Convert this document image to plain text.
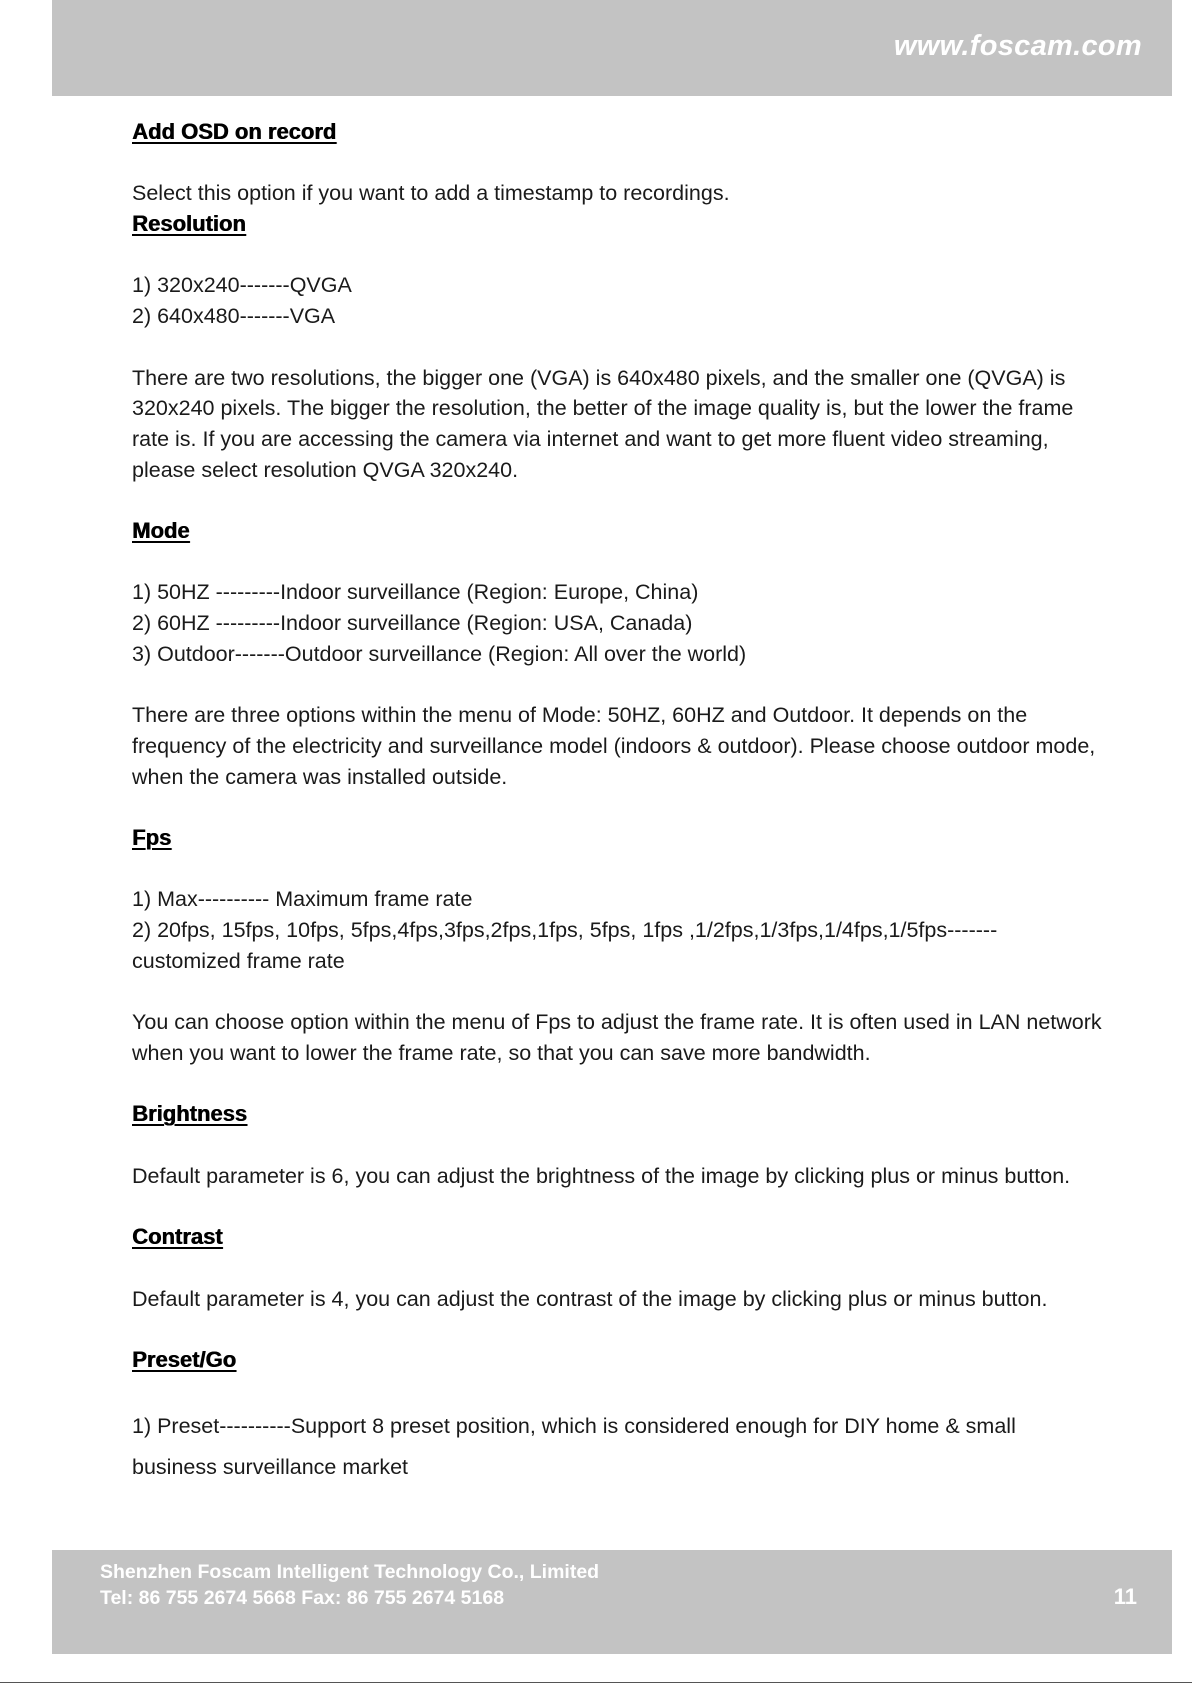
www.foscam.com

Add OSD on record

Select this option if you want to add a timestamp to recordings.

Resolution

1) 320x240-------QVGA

2) 640x480-------VGA

There are two resolutions, the bigger one (VGA) is 640x480 pixels, and the smaller one (QVGA) is 320x240 pixels. The bigger the resolution, the better of the image quality is, but the lower the frame rate is. If you are accessing the camera via internet and want to get more fluent video streaming, please select resolution QVGA 320x240.

Mode

1) 50HZ ---------Indoor surveillance (Region: Europe, China)

2) 60HZ ---------Indoor surveillance (Region: USA, Canada)

3) Outdoor-------Outdoor surveillance (Region: All over the world)

There are three options within the menu of Mode: 50HZ, 60HZ and Outdoor. It depends on the frequency of the electricity and surveillance model (indoors & outdoor). Please choose outdoor mode, when the camera was installed outside.

Fps

1) Max---------- Maximum frame rate

2) 20fps, 15fps, 10fps, 5fps,4fps,3fps,2fps,1fps, 5fps, 1fps ,1/2fps,1/3fps,1/4fps,1/5fps------- customized frame rate

You can choose option within the menu of Fps to adjust the frame rate. It is often used in LAN network when you want to lower the frame rate, so that you can save more bandwidth.

Brightness

Default parameter is 6, you can adjust the brightness of the image by clicking plus or minus button.

Contrast

Default parameter is 4, you can adjust the contrast of the image by clicking plus or minus button.

Preset/Go

1) Preset----------Support 8 preset position, which is considered enough for DIY home & small

business surveillance market

Shenzhen Foscam Intelligent Technology Co., Limited
Tel: 86 755 2674 5668 Fax: 86 755 2674 5168	11
